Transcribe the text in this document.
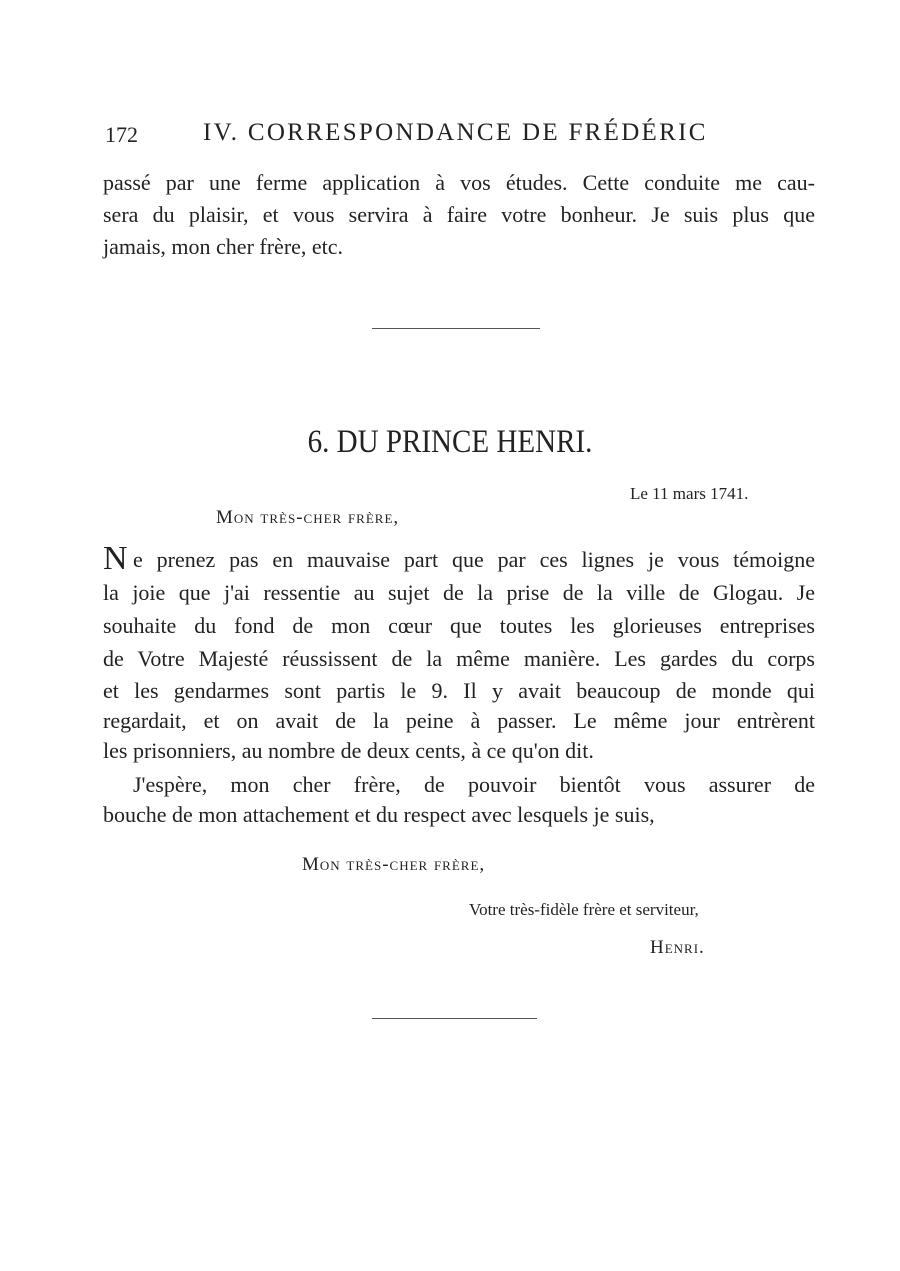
172	IV. CORRESPONDANCE DE FRÉDÉRIC
passé par une ferme application à vos études. Cette conduite me cau-
sera du plaisir, et vous servira à faire votre bonheur. Je suis plus que
jamais, mon cher frère, etc.
6. DU PRINCE HENRI.
Le 11 mars 1741.
Mon très-cher frère,
N e prenez pas en mauvaise part que par ces lignes je vous témoigne
la joie que j'ai ressentie au sujet de la prise de la ville de Glogau. Je
souhaite du fond de mon cœur que toutes les glorieuses entreprises
de Votre Majesté réussissent de la même manière. Les gardes du corps
et les gendarmes sont partis le 9. Il y avait beaucoup de monde qui
regardait, et on avait de la peine à passer. Le même jour entrèrent
les prisonniers, au nombre de deux cents, à ce qu'on dit.
J'espère, mon cher frère, de pouvoir bientôt vous assurer de
bouche de mon attachement et du respect avec lesquels je suis,
Mon très-cher frère,
Votre très-fidèle frère et serviteur,
Henri.
